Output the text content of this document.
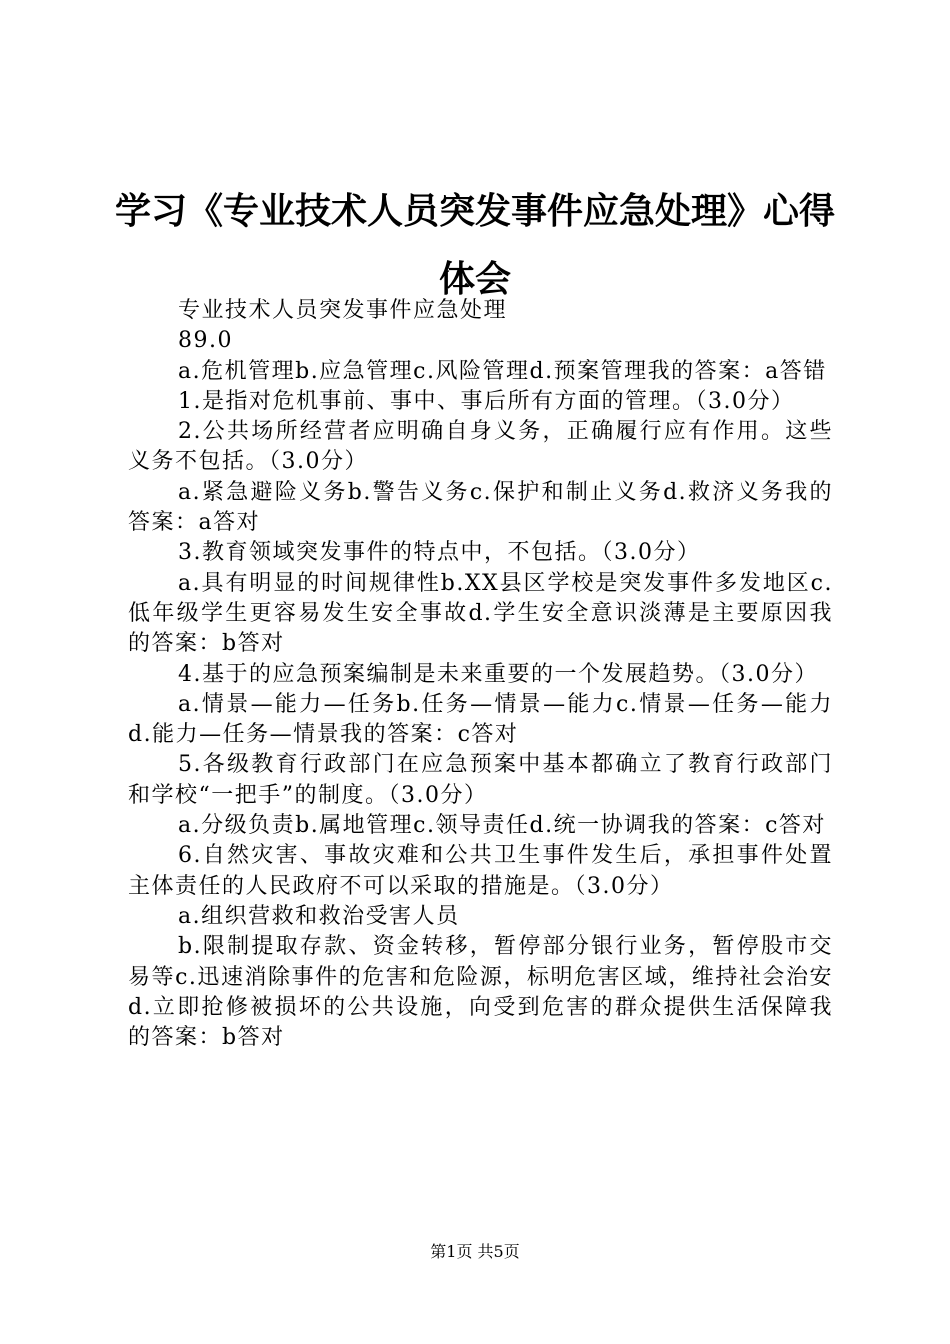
学习《专业技术人员突发事件应急处理》心得体会

专业技术人员突发事件应急处理

89.0

a.危机管理b.应急管理c.风险管理d.预案管理我的答案：a答错

1.是指对危机事前、事中、事后所有方面的管理。（3.0分）

2.公共场所经营者应明确自身义务，正确履行应有作用。这些义务不包括。（3.0分）

a.紧急避险义务b.警告义务c.保护和制止义务d.救济义务我的答案：a答对

3.教育领域突发事件的特点中，不包括。（3.0分）

a.具有明显的时间规律性b.XX县区学校是突发事件多发地区c.低年级学生更容易发生安全事故d.学生安全意识淡薄是主要原因我的答案：b答对

4.基于的应急预案编制是未来重要的一个发展趋势。（3.0分）

a.情景—能力—任务b.任务—情景—能力c.情景—任务—能力d.能力—任务—情景我的答案：c答对

5.各级教育行政部门在应急预案中基本都确立了教育行政部门和学校“一把手”的制度。（3.0分）

a.分级负责b.属地管理c.领导责任d.统一协调我的答案：c答对

6.自然灾害、事故灾难和公共卫生事件发生后，承担事件处置主体责任的人民政府不可以采取的措施是。（3.0分）

a.组织营救和救治受害人员

b.限制提取存款、资金转移，暂停部分银行业务，暂停股市交易等c.迅速消除事件的危害和危险源，标明危害区域，维持社会治安d.立即抢修被损坏的公共设施，向受到危害的群众提供生活保障我的答案：b答对

第1页 共5页
